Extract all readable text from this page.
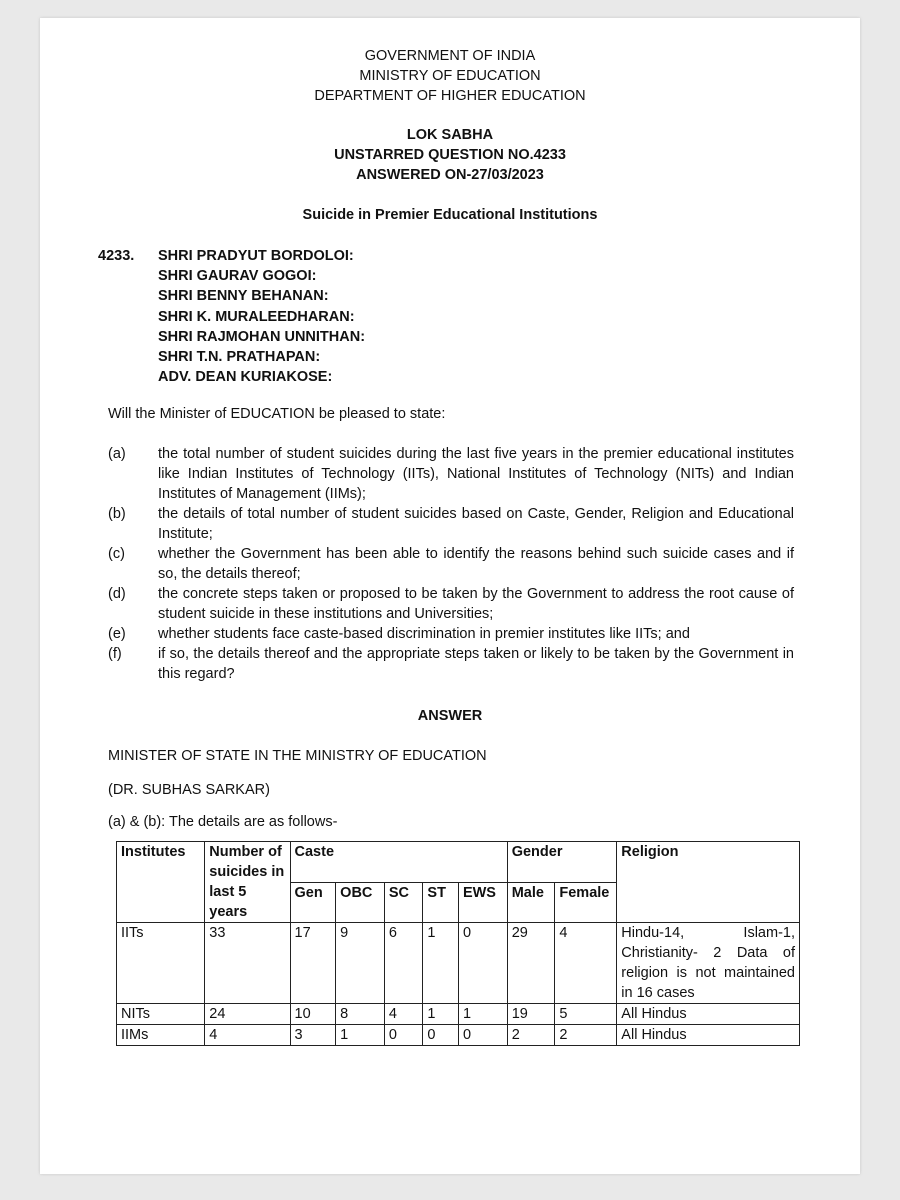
GOVERNMENT OF INDIA
MINISTRY OF EDUCATION
DEPARTMENT OF HIGHER EDUCATION
LOK SABHA
UNSTARRED QUESTION NO.4233
ANSWERED ON-27/03/2023
Suicide in Premier Educational Institutions
4233. SHRI PRADYUT BORDOLOI:
SHRI GAURAV GOGOI:
SHRI BENNY BEHANAN:
SHRI K. MURALEEDHARAN:
SHRI RAJMOHAN UNNITHAN:
SHRI T.N. PRATHAPAN:
ADV. DEAN KURIAKOSE:
Will the Minister of EDUCATION be pleased to state:
(a)	the total number of student suicides during the last five years in the premier educational institutes like Indian Institutes of Technology (IITs), National Institutes of Technology (NITs) and Indian Institutes of Management (IIMs);
(b)	the details of total number of student suicides based on Caste, Gender, Religion and Educational Institute;
(c)	whether the Government has been able to identify the reasons behind such suicide cases and if so, the details thereof;
(d)	the concrete steps taken or proposed to be taken by the Government to address the root cause of student suicide in these institutions and Universities;
(e)	whether students face caste-based discrimination in premier institutes like IITs; and
(f)	if so, the details thereof and the appropriate steps taken or likely to be taken by the Government in this regard?
ANSWER
MINISTER OF STATE IN THE MINISTRY OF EDUCATION
(DR. SUBHAS SARKAR)
(a) & (b): The details are as follows-
Institutes	Number of suicides in last 5 years	Caste					Gender		Religion
		Gen	OBC	SC	ST	EWS	Male	Female	
IITs	33	17	9	6	1	0	29	4	Hindu-14, Islam-1, Christianity- 2 Data of religion is not maintained in 16 cases
NITs	24	10	8	4	1	1	19	5	All Hindus
IIMs	4	3	1	0	0	0	2	2	All Hindus
